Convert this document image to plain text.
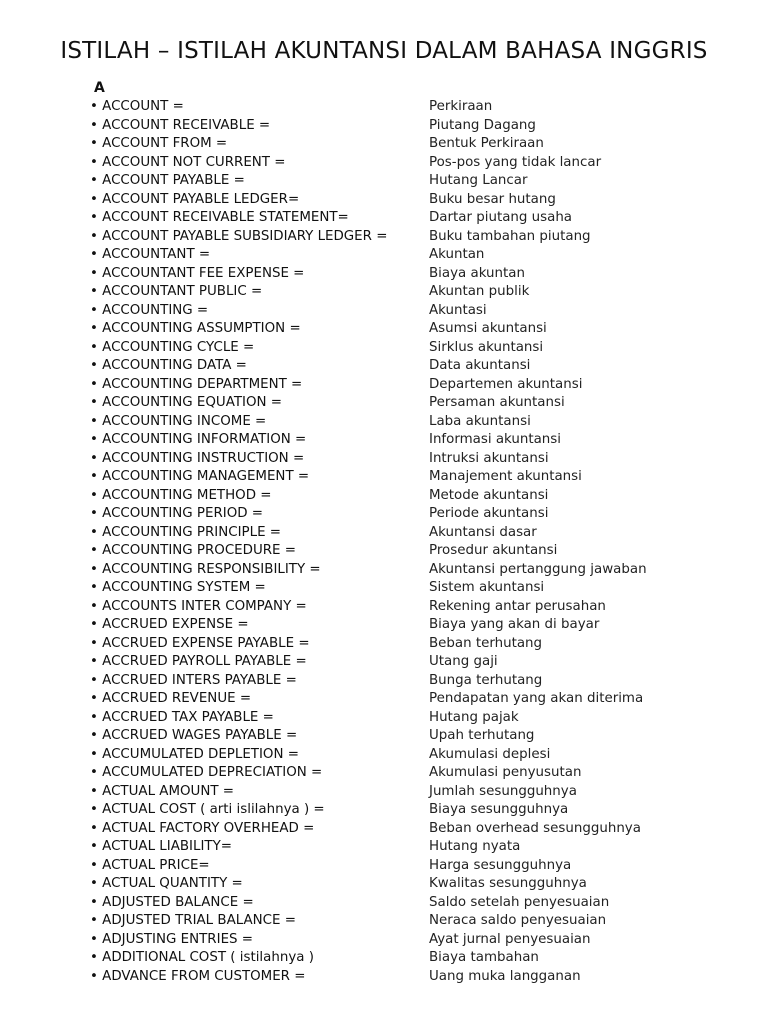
ISTILAH – ISTILAH AKUNTANSI DALAM BAHASA INGGRIS
A
• ACCOUNT =	Perkiraan
• ACCOUNT RECEIVABLE =	Piutang Dagang
• ACCOUNT FROM =	Bentuk Perkiraan
• ACCOUNT NOT CURRENT =	Pos-pos yang tidak lancar
• ACCOUNT PAYABLE =	Hutang Lancar
• ACCOUNT PAYABLE LEDGER=	Buku besar hutang
• ACCOUNT RECEIVABLE STATEMENT=	Dartar piutang usaha
• ACCOUNT PAYABLE SUBSIDIARY LEDGER =	Buku tambahan piutang
• ACCOUNTANT =	Akuntan
• ACCOUNTANT FEE EXPENSE =	Biaya akuntan
• ACCOUNTANT PUBLIC =	Akuntan publik
• ACCOUNTING =	Akuntasi
• ACCOUNTING ASSUMPTION =	Asumsi akuntansi
• ACCOUNTING CYCLE =	Sirklus akuntansi
• ACCOUNTING DATA =	Data akuntansi
• ACCOUNTING DEPARTMENT =	Departemen akuntansi
• ACCOUNTING EQUATION =	Persaman akuntansi
• ACCOUNTING INCOME =	Laba akuntansi
• ACCOUNTING INFORMATION =	Informasi akuntansi
• ACCOUNTING INSTRUCTION =	Intruksi akuntansi
• ACCOUNTING MANAGEMENT =	Manajement akuntansi
• ACCOUNTING METHOD =	Metode akuntansi
• ACCOUNTING PERIOD =	Periode akuntansi
• ACCOUNTING PRINCIPLE =	Akuntansi dasar
• ACCOUNTING PROCEDURE =	Prosedur akuntansi
• ACCOUNTING RESPONSIBILITY =	Akuntansi pertanggung jawaban
• ACCOUNTING SYSTEM =	Sistem akuntansi
• ACCOUNTS INTER COMPANY =	Rekening antar perusahan
• ACCRUED EXPENSE =	Biaya yang akan di bayar
• ACCRUED EXPENSE PAYABLE =	Beban terhutang
• ACCRUED PAYROLL PAYABLE =	Utang gaji
• ACCRUED INTERS PAYABLE =	Bunga terhutang
• ACCRUED REVENUE =	Pendapatan yang akan diterima
• ACCRUED TAX PAYABLE =	Hutang pajak
• ACCRUED WAGES PAYABLE =	Upah terhutang
• ACCUMULATED DEPLETION =	Akumulasi deplesi
• ACCUMULATED DEPRECIATION =	Akumulasi penyusutan
• ACTUAL AMOUNT =	Jumlah sesungguhnya
• ACTUAL COST ( arti islilahnya ) =	Biaya sesungguhnya
• ACTUAL FACTORY OVERHEAD =	Beban overhead sesungguhnya
• ACTUAL LIABILITY=	Hutang nyata
• ACTUAL PRICE=	Harga sesungguhnya
• ACTUAL QUANTITY =	Kwalitas sesungguhnya
• ADJUSTED BALANCE =	Saldo setelah penyesuaian
• ADJUSTED TRIAL BALANCE =	Neraca saldo penyesuaian
• ADJUSTING ENTRIES =	Ayat jurnal penyesuaian
• ADDITIONAL COST ( istilahnya )	Biaya tambahan
• ADVANCE FROM CUSTOMER =	Uang muka langganan
